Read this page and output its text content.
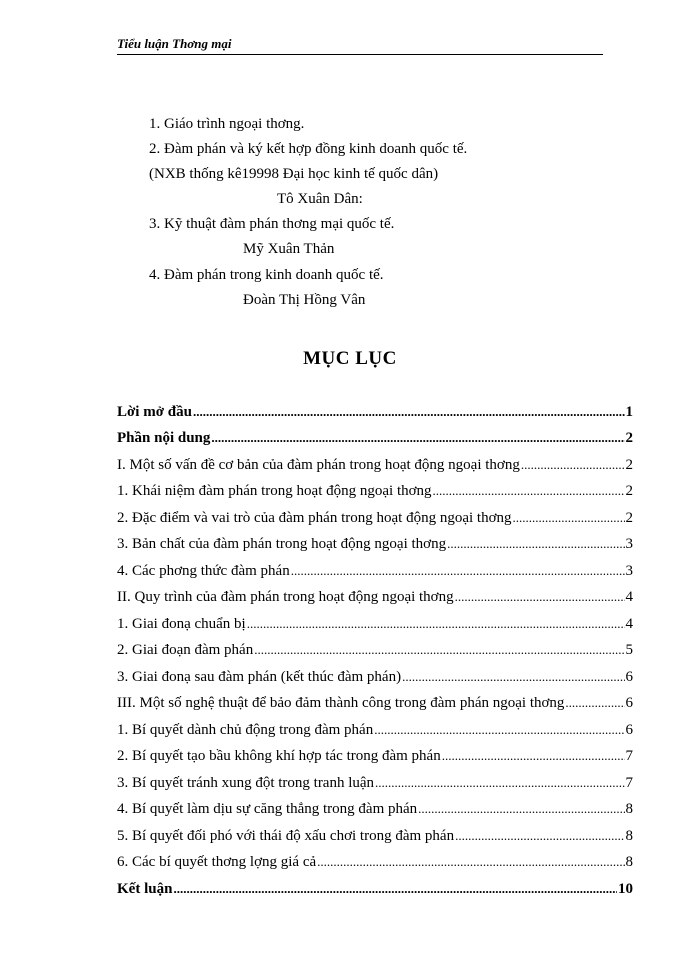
Tiểu luận Thơng mại
1. Giáo trình ngoại thơng.
2. Đàm phán và ký kết hợp đồng kinh doanh quốc tế.
(NXB thống kê19998 Đại học kinh tế quốc dân)
Tô Xuân Dân:
3. Kỹ thuật đàm phán thơng mại quốc tế.
Mỹ Xuân Thản
4. Đàm phán trong kinh doanh quốc tế.
Đoàn Thị Hồng Vân
MỤC LỤC
Lời mở đầu .....	1
Phần nội dung .....	2
I. Một số vấn đề cơ bản của đàm phán trong hoạt động ngoại thơng .....	2
1. Khái niệm đàm phán trong hoạt động ngoại thơng .....	2
2. Đặc điểm và vai trò của đàm phán trong hoạt động ngoại thơng .....	2
3. Bản chất của đàm phán trong hoạt động ngoại thơng .....	3
4. Các phơng thức đàm phán .....	3
II. Quy trình của đàm phán trong hoạt động ngoại thơng .....	4
1. Giai đonạ chuẩn bị .....	4
2. Giai đoạn đàm phán .....	5
3. Giai đonạ sau đàm phán (kết thúc đàm phán) .....	6
III. Một số nghệ thuật để bảo đảm thành công trong đàm phán ngoại thơng .....	6
1. Bí quyết dành chủ động trong đàm phán .....	6
2. Bí quyết tạo bầu không khí hợp tác trong đàm phán .....	7
3. Bí quyết tránh xung đột trong tranh luận .....	7
4. Bí quyết làm dịu sự căng thẳng trong đàm phán .....	8
5. Bí quyết đối phó với thái độ xấu chơi trong đàm phán .....	8
6. Các bí quyết thơng lợng giá cả .....	8
Kết luận .....	10
